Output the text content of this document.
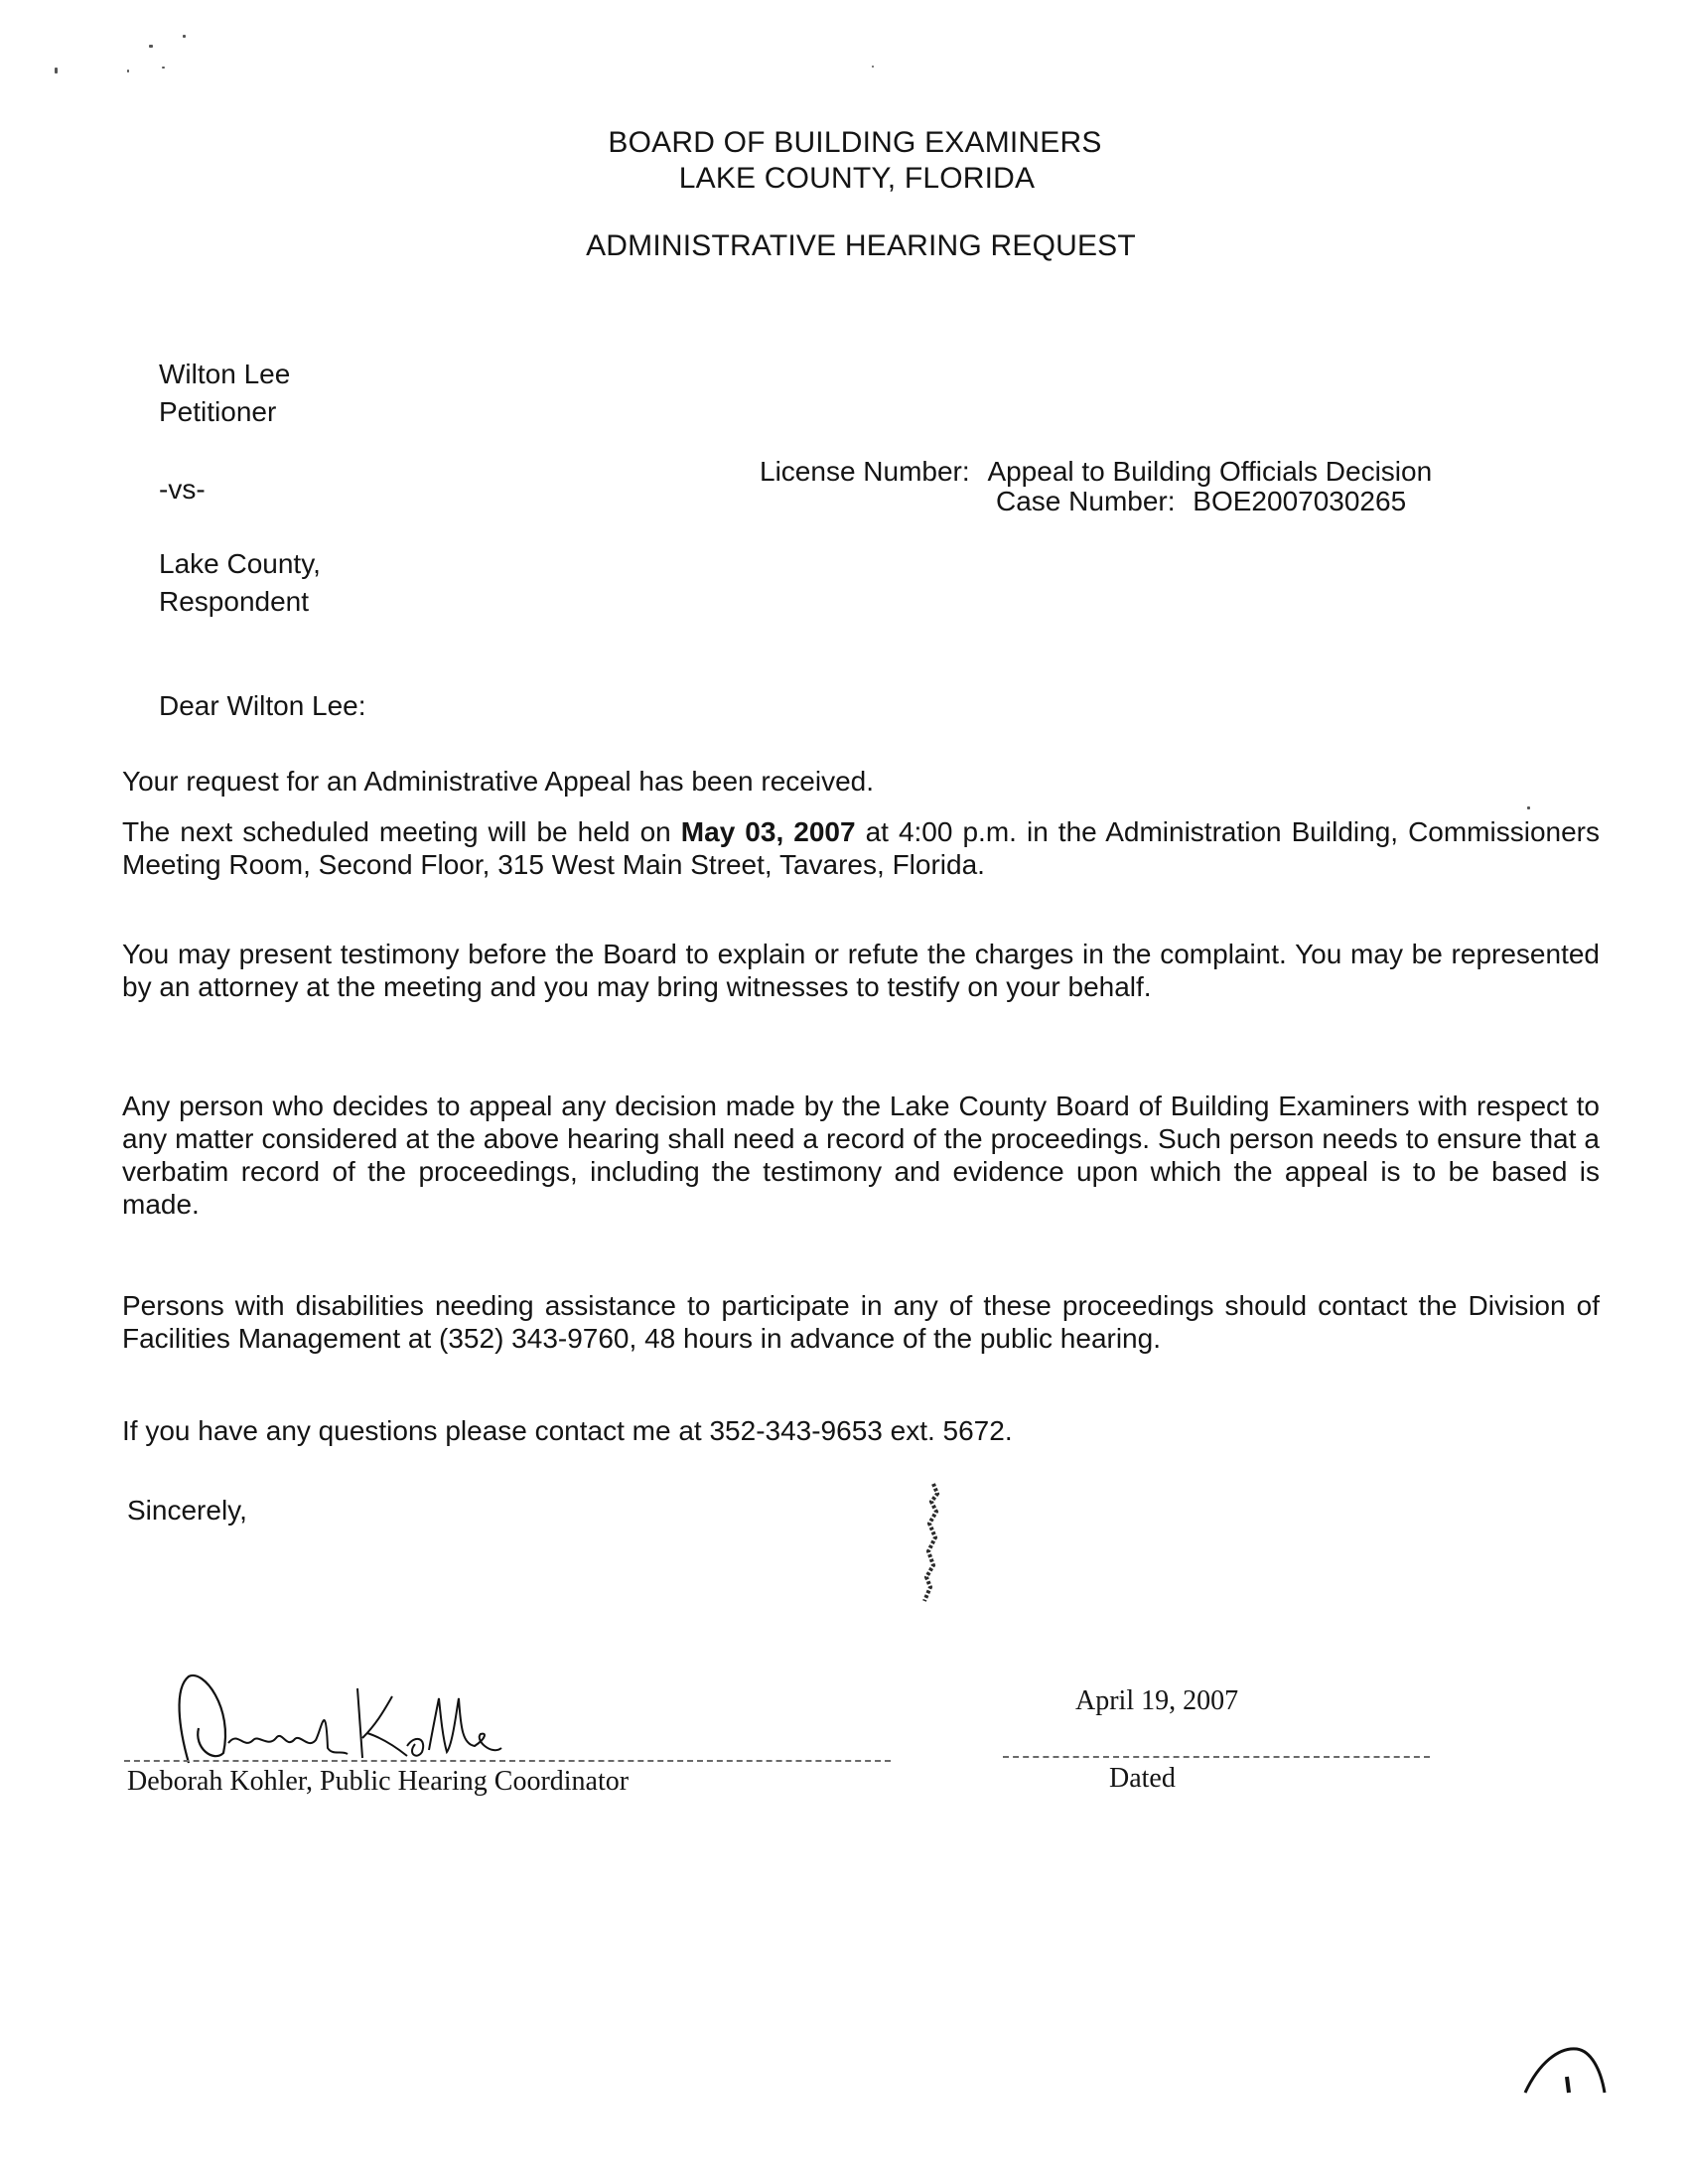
BOARD OF BUILDING EXAMINERS
LAKE COUNTY, FLORIDA
ADMINISTRATIVE HEARING REQUEST
Wilton Lee
Petitioner
-vs-
Lake County,
Respondent
License Number: Appeal to Building Officials Decision
Case Number: BOE2007030265
Dear Wilton Lee:
Your request for an Administrative Appeal has been received.
The next scheduled meeting will be held on May 03, 2007 at 4:00 p.m. in the Administration Building, Commissioners Meeting Room, Second Floor, 315 West Main Street, Tavares, Florida.
You may present testimony before the Board to explain or refute the charges in the complaint. You may be represented by an attorney at the meeting and you may bring witnesses to testify on your behalf.
Any person who decides to appeal any decision made by the Lake County Board of Building Examiners with respect to any matter considered at the above hearing shall need a record of the proceedings. Such person needs to ensure that a verbatim record of the proceedings, including the testimony and evidence upon which the appeal is to be based is made.
Persons with disabilities needing assistance to participate in any of these proceedings should contact the Division of Facilities Management at (352) 343-9760, 48 hours in advance of the public hearing.
If you have any questions please contact me at 352-343-9653 ext. 5672.
Sincerely,
Deborah Kohler, Public Hearing Coordinator
April 19, 2007
Dated
